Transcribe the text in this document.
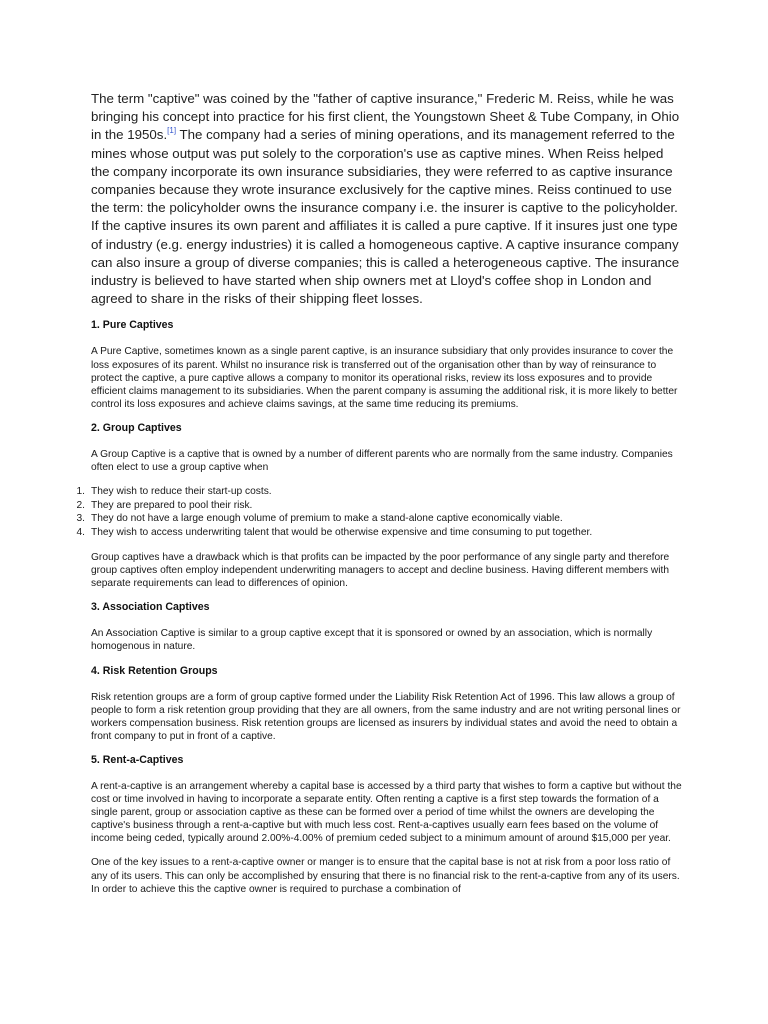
The term "captive" was coined by the "father of captive insurance," Frederic M. Reiss, while he was bringing his concept into practice for his first client, the Youngstown Sheet & Tube Company, in Ohio in the 1950s.[1] The company had a series of mining operations, and its management referred to the mines whose output was put solely to the corporation's use as captive mines. When Reiss helped the company incorporate its own insurance subsidiaries, they were referred to as captive insurance companies because they wrote insurance exclusively for the captive mines. Reiss continued to use the term: the policyholder owns the insurance company i.e. the insurer is captive to the policyholder. If the captive insures its own parent and affiliates it is called a pure captive. If it insures just one type of industry (e.g. energy industries) it is called a homogeneous captive. A captive insurance company can also insure a group of diverse companies; this is called a heterogeneous captive. The insurance industry is believed to have started when ship owners met at Lloyd's coffee shop in London and agreed to share in the risks of their shipping fleet losses.

1. Pure Captives

A Pure Captive, sometimes known as a single parent captive, is an insurance subsidiary that only provides insurance to cover the loss exposures of its parent. Whilst no insurance risk is transferred out of the organisation other than by way of reinsurance to protect the captive, a pure captive allows a company to monitor its operational risks, review its loss exposures and to provide efficient claims management to its subsidiaries. When the parent company is assuming the additional risk, it is more likely to better control its loss exposures and achieve claims savings, at the same time reducing its premiums.

2. Group Captives

A Group Captive is a captive that is owned by a number of different parents who are normally from the same industry. Companies often elect to use a group captive when

1. They wish to reduce their start-up costs.
2. They are prepared to pool their risk.
3. They do not have a large enough volume of premium to make a stand-alone captive economically viable.
4. They wish to access underwriting talent that would be otherwise expensive and time consuming to put together.

Group captives have a drawback which is that profits can be impacted by the poor performance of any single party and therefore group captives often employ independent underwriting managers to accept and decline business. Having different members with separate requirements can lead to differences of opinion.

3. Association Captives

An Association Captive is similar to a group captive except that it is sponsored or owned by an association, which is normally homogenous in nature.

4. Risk Retention Groups

Risk retention groups are a form of group captive formed under the Liability Risk Retention Act of 1996. This law allows a group of people to form a risk retention group providing that they are all owners, from the same industry and are not writing personal lines or workers compensation business. Risk retention groups are licensed as insurers by individual states and avoid the need to obtain a front company to put in front of a captive.

5. Rent-a-Captives

A rent-a-captive is an arrangement whereby a capital base is accessed by a third party that wishes to form a captive but without the cost or time involved in having to incorporate a separate entity. Often renting a captive is a first step towards the formation of a single parent, group or association captive as these can be formed over a period of time whilst the owners are developing the captive's business through a rent-a-captive but with much less cost. Rent-a-captives usually earn fees based on the volume of income being ceded, typically around 2.00%-4.00% of premium ceded subject to a minimum amount of around $15,000 per year.

One of the key issues to a rent-a-captive owner or manger is to ensure that the capital base is not at risk from a poor loss ratio of any of its users. This can only be accomplished by ensuring that there is no financial risk to the rent-a-captive from any of its users. In order to achieve this the captive owner is required to purchase a combination of
